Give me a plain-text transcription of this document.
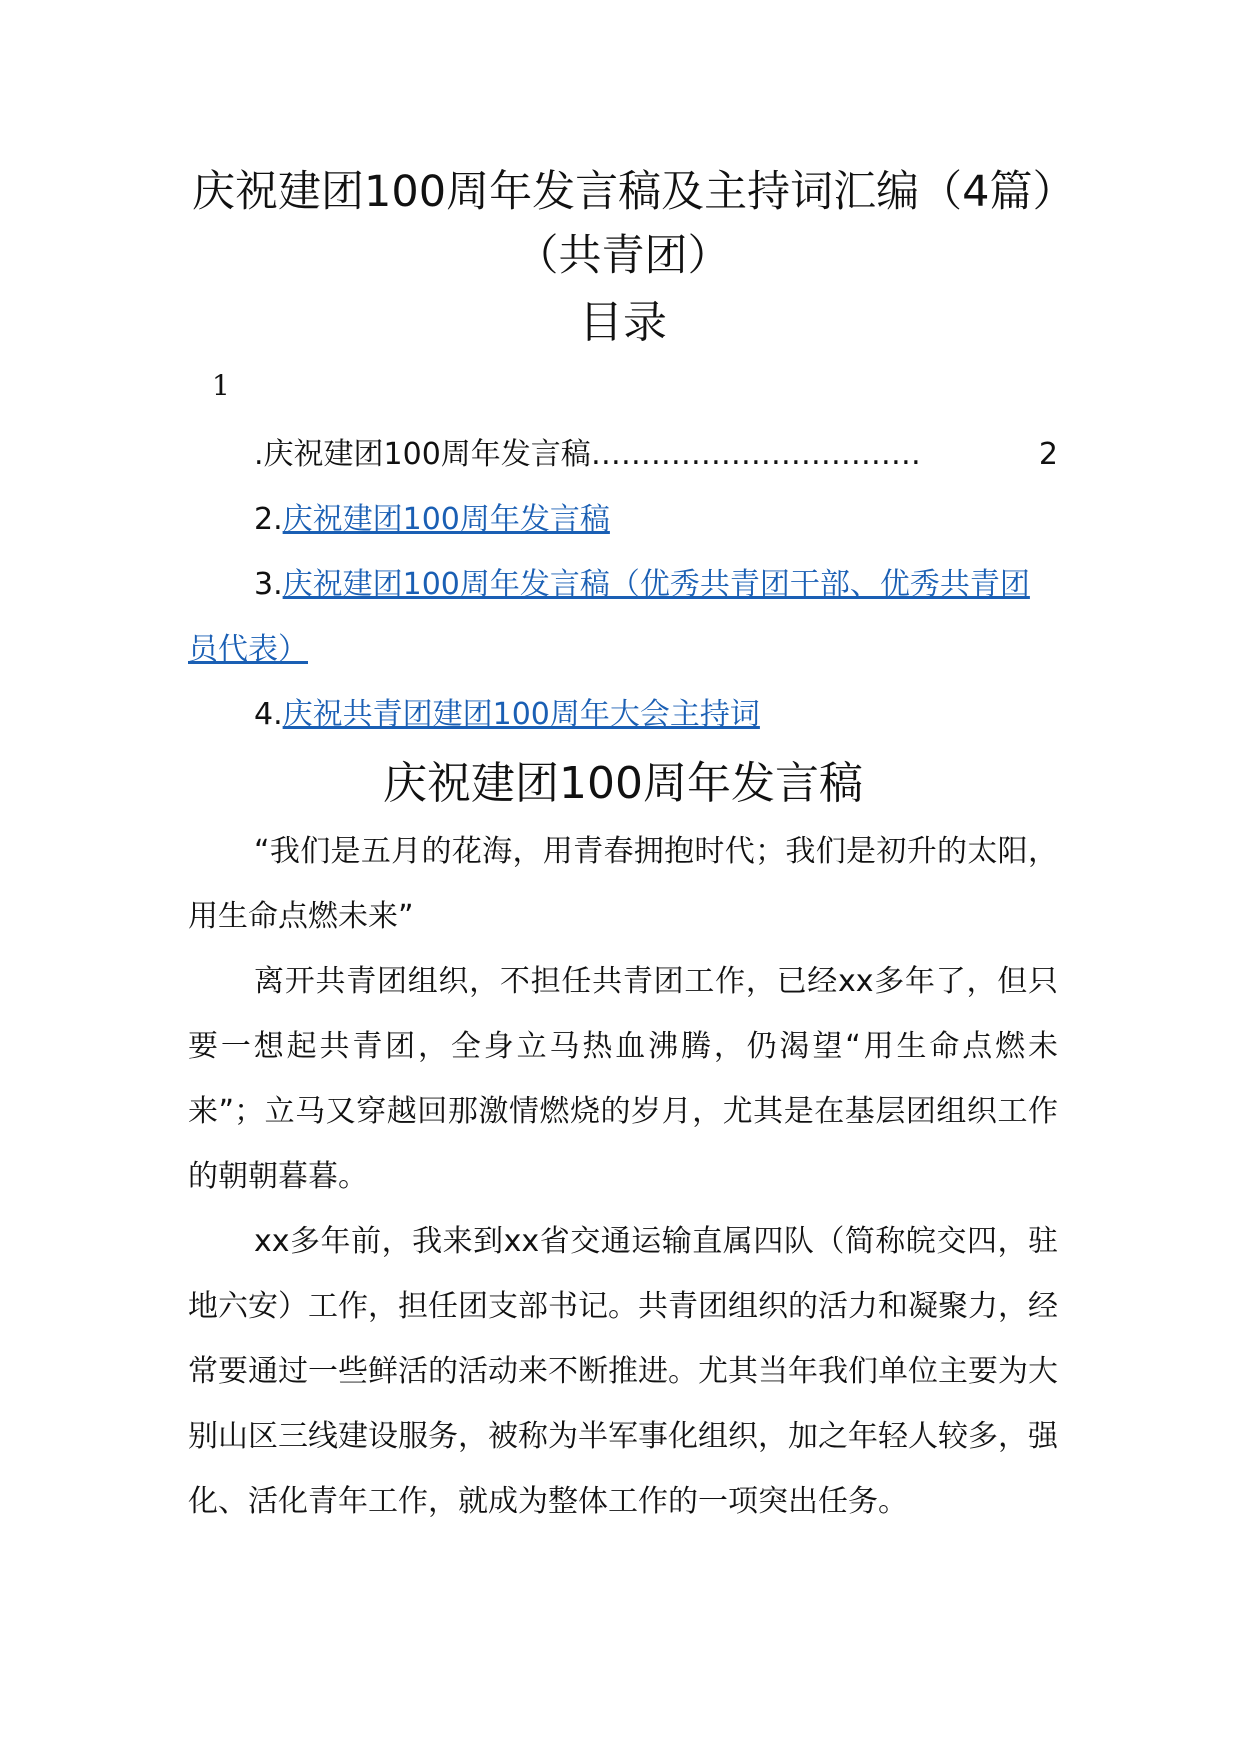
庆祝建团100周年发言稿及主持词汇编（4篇）（共青团）
目录
1

. 庆祝建团100周年发言稿 ……………………………	2

2.庆祝建团100周年发言稿

3.庆祝建团100周年发言稿（优秀共青团干部、优秀共青团员代表）

4.庆祝共青团建团100周年大会主持词

庆祝建团100周年发言稿

“我们是五月的花海，用青春拥抱时代；我们是初升的太阳，用生命点燃未来”

离开共青团组织，不担任共青团工作，已经xx多年了，但只要一想起共青团，全身立马热血沸腾，仍渴望“用生命点燃未来”；立马又穿越回那激情燃烧的岁月，尤其是在基层团组织工作的朝朝暮暮。

xx多年前，我来到xx省交通运输直属四队（简称皖交四，驻地六安）工作，担任团支部书记。共青团组织的活力和凝聚力，经常要通过一些鲜活的活动来不断推进。尤其当年我们单位主要为大别山区三线建设服务，被称为半军事化组织，加之年轻人较多，强化、活化青年工作，就成为整体工作的一项突出任务。
